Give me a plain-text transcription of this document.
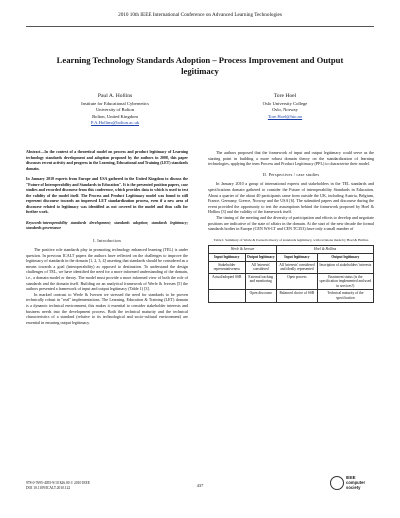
2010 10th IEEE International Conference on Advanced Learning Technologies
Learning Technology Standards Adoption – Process Improvement and Output legitimacy
Paul A. Hollins
Institute for Educational Cybernetics
University of Bolton
Bolton, United Kingdom
P.A.Hollins@bolton.ac.uk
Tore Hoel
Oslo University College
Oslo, Norway
Tore.Hoel@hio.no

Abstract—In the context of a theoretical model on process and product legitimacy of Learning technology standards development and adoption proposed by the authors in 2008, this paper discusses recent activity and progress in the Learning, Educational and Training (LET) standards domain.

In January 2010 experts from Europe and USA gathered in the United Kingdom to discuss the "Future of Interoperability and Standards in Education". It is the presented position papers, case studies and recorded discourse from this conference, which provides data to which is used to test the validity of the model itself. The Process and Product Legitimacy model was found to still represent discourse towards an improved LET standardization process, even if a new area of discourse related to legitimacy was identified as not covered in the model and thus calls for further work.

Keywords-interoperability standards development; standards adoption; standards legitimacy; standards governance

I. Introduction

The positive role standards play in promoting technology enhanced learning (TEL) is under question. In previous ICALT papers the authors have reflected on the challenges to improve the legitimacy of standards in the domain [1, 2, 3, 4] asserting that standards should be considered as a means towards a goal (interoperability) as opposed to destination. To understand the design challenges of TEL, we have identified the need for a more informed understanding of the domain, i.e., a domain model or theory. The model must provide a more informed view of both the role of standards and the domain itself. Building on an analytical framework of Werle & Iversen [5] the authors presented a framework of input and output legitimacy (Table 1) [3].

In marked contrast to Werle & Iversen we stressed the need for standards to be proven technically robust in "real" implementations. The Learning, Education & Training (LET) domain is a dynamic technical environment, this makes it essential to consider stakeholder interests and business needs into the development process. Both the technical maturity and the technical characteristics of a standard (relative to its technological and socio-cultural environment) are essential in ensuring output legitimacy.

The authors proposed that the framework of input and output legitimacy could serve as the starting point in building a more robust domain theory on the standardization of learning technologies, applying the term Process and Product Legitimacy (PPL) to characterise their model.

II. Perspectives / case studies

In January 2010 a group of international experts and stakeholders in the TEL standards and specifications domain gathered to consider the Future of interoperability Standards in Education. About a quarter of the about 40 participants came from outside the UK, including Austria, Belgium, France, Germany, Greece, Norway and the USA [6]. The submitted papers and discourse during the event provided the opportunity to test the assumptions behind the framework proposed by Hoel & Hollins [3] and the validity of the framework itself.

The timing of the meeting and the diversity of participation and efforts to develop and negotiate positions are indicative of the state of affairs in the domain. At the start of the new decade the formal standards bodies in Europe (CEN WS-LT and CEN TC353) have only a small number of

Table I. Summary of Werle & Iversen's theory of standards legitimacy, with revisions made by Hoel & Hollins
Werle & Iversen		Hoel & Hollins	
Input legitimacy	Output legitimacy	Input legitimacy	Output legitimacy
Stakeholder representativeness	All 'interests' considered	All 'interests' considered and ideally represented	Inscription of stakeholders' interests
Actual/adopted SSB	External tracking and monitoring	Open process	Enactment status (is the specification implemented and used in services?)
	Open discourse	Balanced choice of SSB	Technical maturity of the specification
978-0-7695-4055-9/10 $26.00 © 2010 IEEE
DOI 10.1109/ICALT.2010.122	437
IEEE
computer
society
